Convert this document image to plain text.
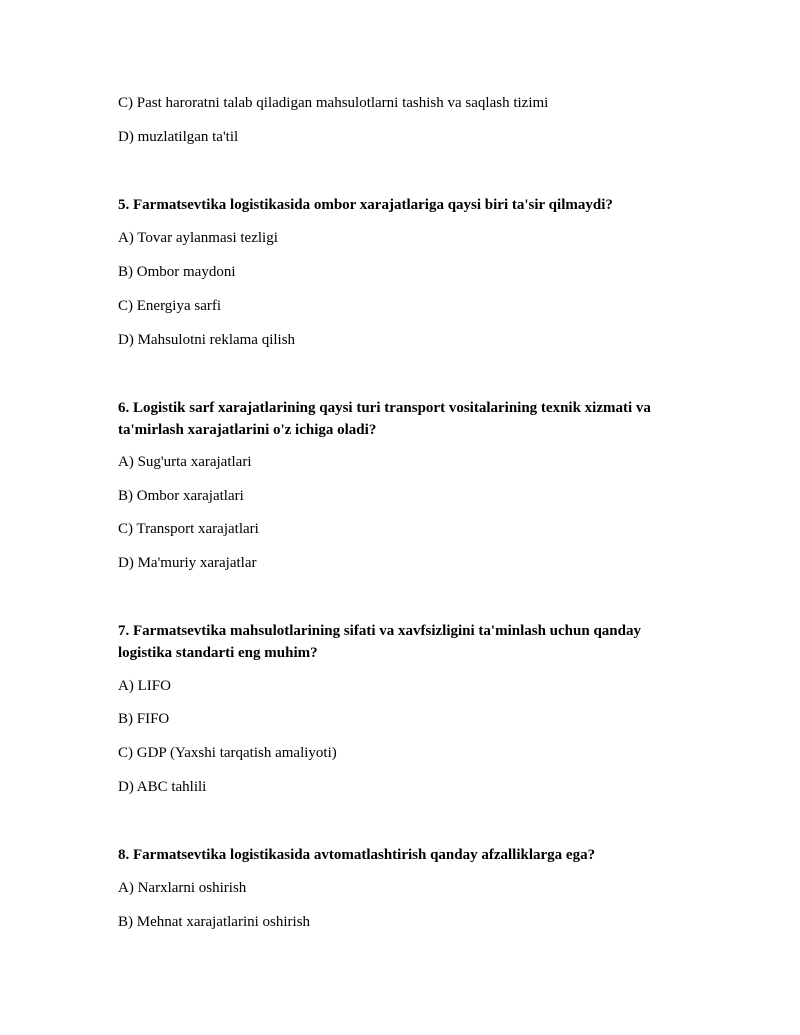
C) Past haroratni talab qiladigan mahsulotlarni tashish va saqlash tizimi
D) muzlatilgan ta'til
5. Farmatsevtika logistikasida ombor xarajatlariga qaysi biri ta'sir qilmaydi?
A) Tovar aylanmasi tezligi
B) Ombor maydoni
C) Energiya sarfi
D) Mahsulotni reklama qilish
6. Logistik sarf xarajatlarining qaysi turi transport vositalarining texnik xizmati va ta'mirlash xarajatlarini o'z ichiga oladi?
A) Sug'urta xarajatlari
B) Ombor xarajatlari
C) Transport xarajatlari
D) Ma'muriy xarajatlar
7. Farmatsevtika mahsulotlarining sifati va xavfsizligini ta'minlash uchun qanday logistika standarti eng muhim?
A) LIFO
B) FIFO
C) GDP (Yaxshi tarqatish amaliyoti)
D) ABC tahlili
8. Farmatsevtika logistikasida avtomatlashtirish qanday afzalliklarga ega?
A) Narxlarni oshirish
B) Mehnat xarajatlarini oshirish
